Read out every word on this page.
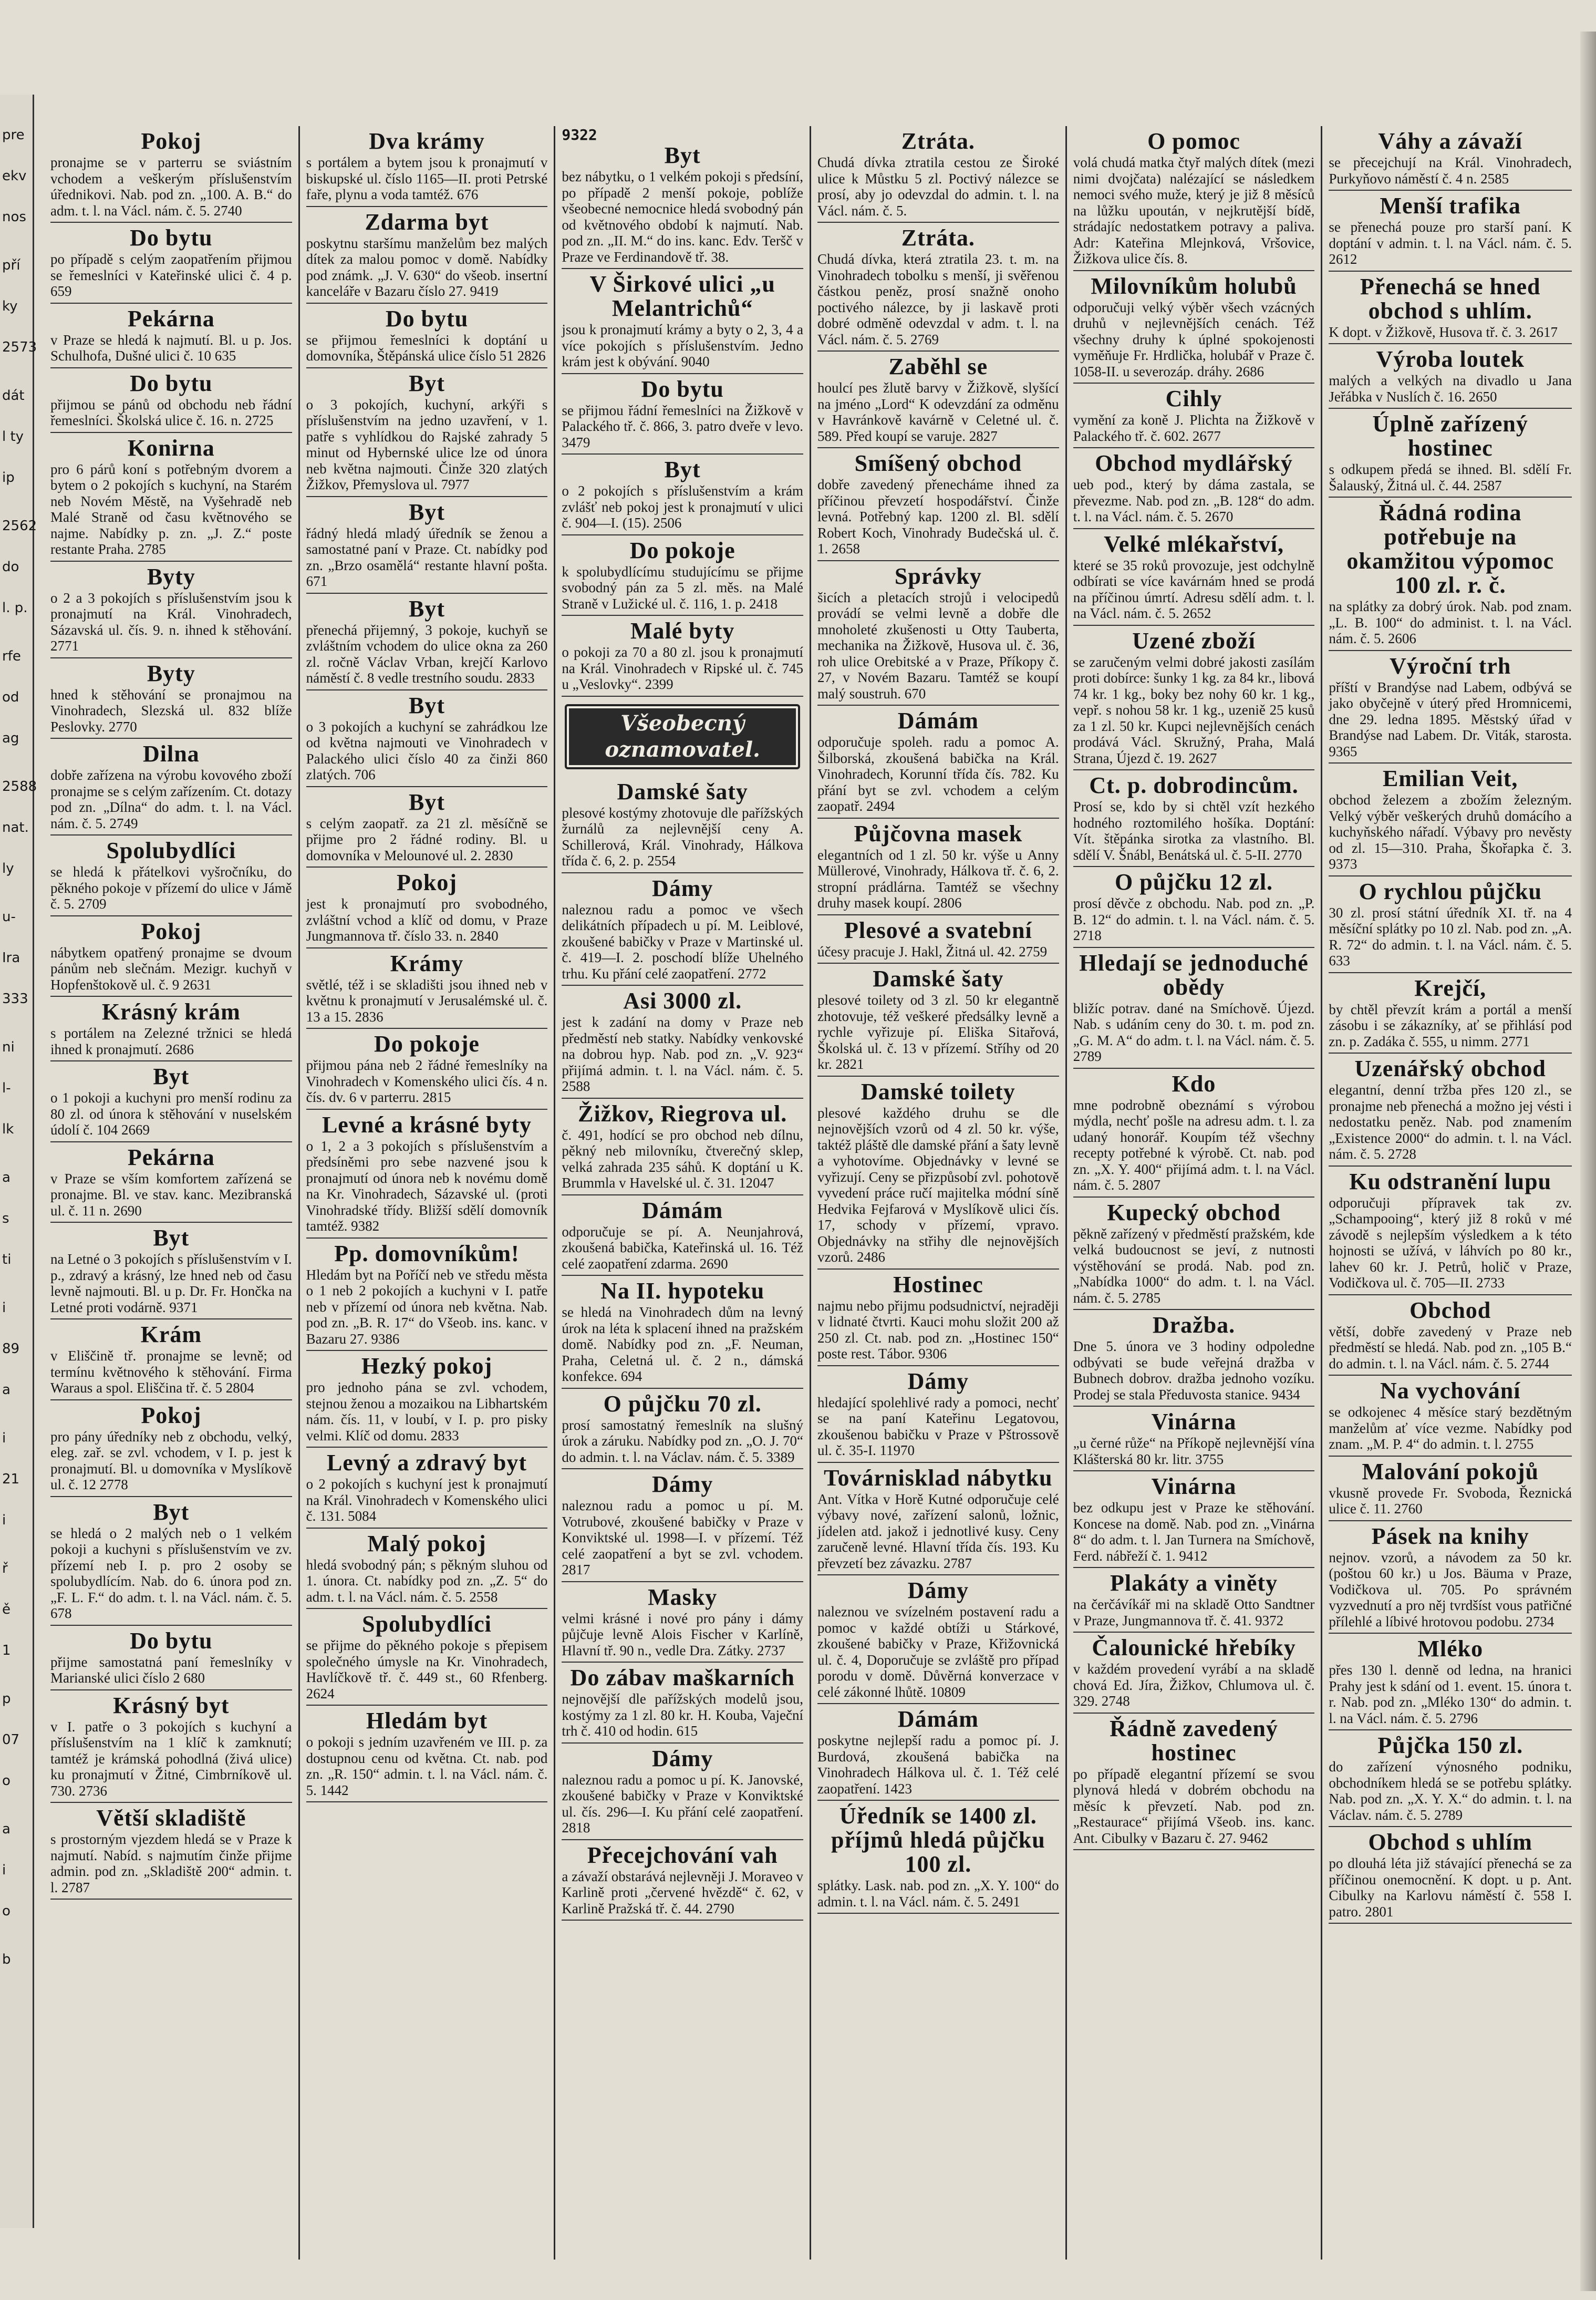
pre
ekv
nos
pří
ky
2573
dát
l ty
ip
2562
do
l. p.
rfe
od
ag
2588
nat.
ly
u-
Ira
333
ni
l-
lk
a
s
ti
i
89
a
i
21
i
ř
ě
1
p
07
o
a
i
o
b
Pokoj

pronajme se v parterru se sviástním vchodem a veškerým příslušenstvím úřednikovi. Nab. pod zn. „100. A. B.“ do adm. t. l. na Václ. nám. č. 5. 2740

Do bytu

po případě s celým zaopatřením přijmou se řemeslníci v Kateřinské ulici č. 4 p. 659

Pekárna

v Praze se hledá k najmutí. Bl. u p. Jos. Schulhofa, Dušné ulici č. 10 635

Do bytu

přijmou se pánů od obchodu neb řádní řemeslníci. Školská ulice č. 16. n. 2725

Konirna

pro 6 párů koní s potřebným dvorem a bytem o 2 pokojích s kuchyní, na Starém neb Novém Městě, na Vyšehradě neb Malé Straně od času květnového se najme. Nabídky p. zn. „J. Z.“ poste restante Praha. 2785

Byty

o 2 a 3 pokojích s příslušenstvím jsou k pronajmutí na Král. Vinohradech, Sázavská ul. čís. 9. n. ihned k stěhování. 2771

Byty

hned k stěhování se pronajmou na Vinohradech, Slezská ul. 832 blíže Peslovky. 2770

Dilna

dobře zařízena na výrobu kovového zboží pronajme se s celým zařízením. Ct. dotazy pod zn. „Dílna“ do adm. t. l. na Václ. nám. č. 5. 2749

Spolubydlíci

se hledá k přátelkovi vyšročníku, do pěkného pokoje v přízemí do ulice v Jámě č. 5. 2709

Pokoj

nábytkem opatřený pronajme se dvoum pánům neb slečnám. Mezigr. kuchyň v Hopfenštokově ul. č. 9 2631

Krásný krám

s portálem na Zelezné tržnici se hledá ihned k pronajmutí. 2686

Byt

o 1 pokoji a kuchyni pro menší rodinu za 80 zl. od února k stěhování v nuselském údolí č. 104 2669

Pekárna

v Praze se vším komfortem zařízená se pronajme. Bl. ve stav. kanc. Mezibranská ul. č. 11 n. 2690

Byt

na Letné o 3 pokojích s příslušenstvím v I. p., zdravý a krásný, lze hned neb od času levně najmouti. Bl. u p. Dr. Fr. Hončka na Letné proti vodárně. 9371

Krám

v Eliščině tř. pronajme se levně; od termínu květnového k stěhování. Firma Waraus a spol. Eliščina tř. č. 5 2804

Pokoj

pro pány úředníky neb z obchodu, velký, eleg. zař. se zvl. vchodem, v I. p. jest k pronajmutí. Bl. u domovníka v Myslíkově ul. č. 12 2778

Byt

se hledá o 2 malých neb o 1 velkém pokoji a kuchyni s příslušenstvím ve zv. přízemí neb I. p. pro 2 osoby se spolubydlícím. Nab. do 6. února pod zn. „F. L. F.“ do adm. t. l. na Václ. nám. č. 5. 678

Do bytu

přijme samostatná paní řemeslníky v Marianské ulici číslo 2 680

Krásný byt

v I. patře o 3 pokojích s kuchyní a příslušenstvím na 1 klíč k zamknutí; tamtéž je krámská pohodlná (živá ulice) ku pronajmutí v Žitné, Cimbrníkově ul. 730. 2736

Větší skladiště

s prostorným vjezdem hledá se v Praze k najmutí. Nabíd. s najmutím činže přijme admin. pod zn. „Skladiště 200“ admin. t. l. 2787

Dva krámy

s portálem a bytem jsou k pronajmutí v biskupské ul. číslo 1165—II. proti Petrské faře, plynu a voda tamtéž. 676

Zdarma byt

poskytnu staršímu manželům bez malých dítek za malou pomoc v domě. Nabídky pod známk. „J. V. 630“ do všeob. insertní kanceláře v Bazaru číslo 27. 9419

Do bytu

se přijmou řemeslníci k doptání u domovníka, Štěpánská ulice číslo 51 2826

Byt

o 3 pokojích, kuchyní, arkýři s příslušenstvím na jedno uzavření, v 1. patře s vyhlídkou do Rajské zahrady 5 minut od Hybernské ulice lze od února neb května najmouti. Činže 320 zlatých Žižkov, Přemyslova ul. 7977

Byt

řádný hledá mladý úředník se ženou a samostatné paní v Praze. Ct. nabídky pod zn. „Brzo osamělá“ restante hlavní pošta. 671

Byt

přenechá přijemný, 3 pokoje, kuchyň se zvláštním vchodem do ulice okna za 260 zl. ročně Václav Vrban, krejčí Karlovo náměstí č. 8 vedle trestního soudu. 2833

Byt

o 3 pokojích a kuchyní se zahrádkou lze od května najmouti ve Vinohradech v Palackého ulici číslo 40 za činži 860 zlatých. 706

Byt

s celým zaopatř. za 21 zl. měsíčně se přijme pro 2 řádné rodiny. Bl. u domovníka v Melounové ul. 2. 2830

Pokoj

jest k pronajmutí pro svobodného, zvláštní vchod a klíč od domu, v Praze Jungmannova tř. číslo 33. n. 2840

Krámy

světlé, též i se skladišti jsou ihned neb v květnu k pronajmutí v Jerusalémské ul. č. 13 a 15. 2836

Do pokoje

přijmou pána neb 2 řádné řemeslníky na Vinohradech v Komenského ulici čís. 4 n. čís. dv. 6 v parterru. 2815

Levné a krásné byty

o 1, 2 a 3 pokojích s příslušenstvím a předsíněmi pro sebe nazvené jsou k pronajmutí od února neb k novému domě na Kr. Vinohradech, Sázavské ul. (proti Vinohradské třídy. Bližší sdělí domovník tamtéž. 9382

Pp. domovníkům!

Hledám byt na Poříčí neb ve středu města o 1 neb 2 pokojích a kuchyni v I. patře neb v přízemí od února neb května. Nab. pod zn. „B. R. 17“ do Všeob. ins. kanc. v Bazaru 27. 9386

Hezký pokoj

pro jednoho pána se zvl. vchodem, stejnou ženou a mozaikou na Libhartském nám. čís. 11, v loubí, v I. p. pro pisky velmi. Klíč od domu. 2833

Levný a zdravý byt

o 2 pokojích s kuchyní jest k pronajmutí na Král. Vinohradech v Komenského ulici č. 131. 5084

Malý pokoj

hledá svobodný pán; s pěkným sluhou od 1. února. Ct. nabídky pod zn. „Z. 5“ do adm. t. l. na Václ. nám. č. 5. 2558

Spolubydlíci

se přijme do pěkného pokoje s přepisem společného úmysle na Kr. Vinohradech, Havlíčkově tř. č. 449 st., 60 Rfenberg. 2624

Hledám byt

o pokoji s jedním uzavřeném ve III. p. za dostupnou cenu od května. Ct. nab. pod zn. „R. 150“ admin. t. l. na Václ. nám. č. 5. 1442

9322
Byt

bez nábytku, o 1 velkém pokoji s předsíní, po případě 2 menší pokoje, poblíže všeobecné nemocnice hledá svobodný pán od květnového období k najmutí. Nab. pod zn. „II. M.“ do ins. kanc. Edv. Teršč v Praze ve Ferdinandově tř. 38.

V Širkové ulici „u Melantrichů“

jsou k pronajmutí krámy a byty o 2, 3, 4 a více pokojích s příslušenstvím. Jedno krám jest k obývání. 9040

Do bytu

se přijmou řádní řemeslníci na Žižkově v Palackého tř. č. 866, 3. patro dveře v levo. 3479

Byt

o 2 pokojích s příslušenstvím a krám zvlášť neb pokoj jest k pronajmutí v ulici č. 904—I. (15). 2506

Do pokoje

k spolubydlícímu studujícímu se přijme svobodný pán za 5 zl. měs. na Malé Straně v Lužické ul. č. 116, 1. p. 2418

Malé byty

o pokoji za 70 a 80 zl. jsou k pronajmutí na Král. Vinohradech v Ripské ul. č. 745 u „Veslovky“. 2399

Všeobecný
oznamovatel.
Damské šaty

plesové kostýmy zhotovuje dle pařížských žurnálů za nejlevnější ceny A. Schillerová, Král. Vinohrady, Hálkova třída č. 6, 2. p. 2554

Dámy

naleznou radu a pomoc ve všech delikátních případech u pí. M. Leiblové, zkoušené babičky v Praze v Martinské ul. č. 419—I. 2. poschodí blíže Uhelného trhu. Ku přání celé zaopatření. 2772

Asi 3000 zl.

jest k zadání na domy v Praze neb předměstí neb statky. Nabídky venkovské na dobrou hyp. Nab. pod zn. „V. 923“ přijímá admin. t. l. na Václ. nám. č. 5. 2588

Žižkov, Riegrova ul.

č. 491, hodící se pro obchod neb dílnu, pěkný neb milovníku, čtverečný sklep, velká zahrada 235 sáhů. K doptání u K. Brummla v Havelské ul. č. 31. 12047

Dámám

odporučuje se pí. A. Neunjahrová, zkoušená babička, Kateřinská ul. 16. Též celé zaopatření zdarma. 2690

Na II. hypoteku

se hledá na Vinohradech dům na levný úrok na léta k splacení ihned na pražském domě. Nabídky pod zn. „F. Neuman, Praha, Celetná ul. č. 2 n., dámská konfekce. 694

O půjčku 70 zl.

prosí samostatný řemeslník na slušný úrok a záruku. Nabídky pod zn. „O. J. 70“ do admin. t. l. na Václav. nám. č. 5. 3389

Dámy

naleznou radu a pomoc u pí. M. Votrubové, zkoušené babičky v Praze v Konviktské ul. 1998—I. v přízemí. Též celé zaopatření a byt se zvl. vchodem. 2817

Masky

velmi krásné i nové pro pány i dámy půjčuje levně Alois Fischer v Karlíně, Hlavní tř. 90 n., vedle Dra. Zátky. 2737

Do zábav maškarních

nejnovější dle pařížských modelů jsou, kostýmy za 1 zl. 80 kr. H. Kouba, Vaječní trh č. 410 od hodin. 615

Dámy

naleznou radu a pomoc u pí. K. Janovské, zkoušené babičky v Praze v Konviktské ul. čís. 296—I. Ku přání celé zaopatření. 2818

Přecejchování vah

a závaží obstarává nejlevněji J. Moraveo v Karlině proti „červené hvězdě“ č. 62, v Karlině Pražská tř. č. 44. 2790

Ztráta.

Chudá dívka ztratila cestou ze Široké ulice k Můstku 5 zl. Poctivý nálezce se prosí, aby jo odevzdal do admin. t. l. na Václ. nám. č. 5.

Ztráta.

Chudá dívka, která ztratila 23. t. m. na Vinohradech tobolku s menší, ji svěřenou částkou peněz, prosí snažně onoho poctivého nálezce, by ji laskavě proti dobré odměně odevzdal v adm. t. l. na Václ. nám. č. 5. 2769

Zaběhl se

houlcí pes žlutě barvy v Žižkově, slyšící na jméno „Lord“ K odevzdání za odměnu v Havránkově kavárně v Celetné ul. č. 589. Před koupí se varuje. 2827

Smíšený obchod

dobře zavedený přenecháme ihned za příčinou převzetí hospodářství. Činže levná. Potřebný kap. 1200 zl. Bl. sdělí Robert Koch, Vinohrady Budečská ul. č. 1. 2658

Správky

šicích a pletacích strojů i velocipedů provádí se velmi levně a dobře dle mnoholeté zkušenosti u Otty Tauberta, mechanika na Žižkově, Husova ul. č. 36, roh ulice Orebitské a v Praze, Příkopy č. 27, v Novém Bazaru. Tamtéž se koupí malý soustruh. 670

Dámám

odporučuje spoleh. radu a pomoc A. Šilborská, zkoušená babička na Král. Vinohradech, Korunní třída čís. 782. Ku přání byt se zvl. vchodem a celým zaopatř. 2494

Půjčovna masek

elegantních od 1 zl. 50 kr. výše u Anny Müllerové, Vinohrady, Hálkova tř. č. 6, 2. stropní prádlárna. Tamtéž se všechny druhy masek koupí. 2806

Plesové a svatební

účesy pracuje J. Hakl, Žitná ul. 42. 2759

Damské šaty

plesové toilety od 3 zl. 50 kr elegantně zhotovuje, též veškeré předsálky levně a rychle vyřizuje pí. Eliška Sitařová, Školská ul. č. 13 v přízemí. Stříhy od 20 kr. 2821

Damské toilety

plesové každého druhu se dle nejnovějších vzorů od 4 zl. 50 kr. výše, taktéž pláště dle damské přání a šaty levně a vyhotovíme. Objednávky v levné se vyřizují. Ceny se přizpůsobí zvl. pohotově vyvedení práce ručí majitelka módní síně Hedvika Fejfarová v Myslíkově ulici čís. 17, schody v přízemí, vpravo. Objednávky na střihy dle nejnovějších vzorů. 2486

Hostinec

najmu nebo přijmu podsudnictví, nejraději v lidnaté čtvrti. Kauci mohu složit 200 až 250 zl. Ct. nab. pod zn. „Hostinec 150“ poste rest. Tábor. 9306

Dámy

hledající spolehlivé rady a pomoci, nechť se na paní Kateřinu Legatovou, zkoušenou babičku v Praze v Pštrossově ul. č. 35-I. 11970

Továrnisklad nábytku

Ant. Vítka v Horě Kutné odporučuje celé výbavy nové, zařízení salonů, ložnic, jídelen atd. jakož i jednotlivé kusy. Ceny zaručeně levné. Hlavní třída čís. 193. Ku převzetí bez závazku. 2787

Dámy

naleznou ve svízelném postavení radu a pomoc v každé obtíži u Stárkové, zkoušené babičky v Praze, Křižovnická ul. č. 4, Doporučuje se zvláště pro případ porodu v domě. Důvěrná konverzace v celé zákonné lhůtě. 10809

Dámám

poskytne nejlepší radu a pomoc pí. J. Burdová, zkoušená babička na Vinohradech Hálkova ul. č. 1. Též celé zaopatření. 1423

Úředník se 1400 zl. příjmů hledá půjčku 100 zl.

splátky. Lask. nab. pod zn. „X. Y. 100“ do admin. t. l. na Václ. nám. č. 5. 2491

O pomoc

volá chudá matka čtyř malých dítek (mezi nimi dvojčata) nalézající se následkem nemoci svého muže, který je již 8 měsíců na lůžku upoután, v nejkrutější bídě, strádajíc nedostatkem potravy a paliva. Adr: Kateřina Mlejnková, Vršovice, Žižkova ulice čís. 8.

Milovníkům holubů

odporučuji velký výběr všech vzácných druhů v nejlevnějších cenách. Též všechny druhy k úplné spokojenosti vyměňuje Fr. Hrdlička, holubář v Praze č. 1058-II. u severozáp. dráhy. 2686

Cihly

vymění za koně J. Plichta na Žižkově v Palackého tř. č. 602. 2677

Obchod mydlářský

ueb pod., který by dáma zastala, se převezme. Nab. pod zn. „B. 128“ do adm. t. l. na Václ. nám. č. 5. 2670

Velké mlékařství,

které se 35 roků provozuje, jest odchylně odbírati se více kavárnám hned se prodá na příčinou úmrtí. Adresu sdělí adm. t. l. na Václ. nám. č. 5. 2652

Uzené zboží

se zaručeným velmi dobré jakosti zasílám proti dobírce: šunky 1 kg. za 84 kr., libová 74 kr. 1 kg., boky bez nohy 60 kr. 1 kg., vepř. s nohou 58 kr. 1 kg., uzeniě 25 kusů za 1 zl. 50 kr. Kupci nejlevnějších cenách prodává Václ. Skružný, Praha, Malá Strana, Újezd č. 19. 2627

Ct. p. dobrodincům.

Prosí se, kdo by si chtěl vzít hezkého hodného roztomilého hošíka. Doptání: Vít. štěpánka sirotka za vlastního. Bl. sdělí V. Šnábl, Benátská ul. č. 5-II. 2770

O půjčku 12 zl.

prosí děvče z obchodu. Nab. pod zn. „P. B. 12“ do admin. t. l. na Václ. nám. č. 5. 2718

Hledají se jednoduché obědy

bližíc potrav. dané na Smíchově. Újezd. Nab. s udáním ceny do 30. t. m. pod zn. „G. M. A“ do adm. t. l. na Václ. nám. č. 5. 2789

Kdo

mne podrobně obeznámí s výrobou mýdla, nechť pošle na adresu adm. t. l. za udaný honorář. Koupím též všechny recepty potřebné k výrobě. Ct. nab. pod zn. „X. Y. 400“ přijímá adm. t. l. na Václ. nám. č. 5. 2807

Kupecký obchod

pěkně zařízený v předměstí pražském, kde velká budoucnost se jeví, z nutnosti výstěhování se prodá. Nab. pod zn. „Nabídka 1000“ do adm. t. l. na Václ. nám. č. 5. 2785

Dražba.

Dne 5. února ve 3 hodiny odpoledne odbývati se bude veřejná dražba v Bubnech dobrov. dražba jednoho vozíku. Prodej se stala Předuvosta stanice. 9434

Vinárna

„u černé růže“ na Příkopě nejlevnější vína Klášterská 80 kr. litr. 3755

Vinárna

bez odkupu jest v Praze ke stěhování. Koncese na domě. Nab. pod zn. „Vinárna 8“ do adm. t. l. Jan Turnera na Smíchově, Ferd. nábřeží č. 1. 9412

Plakáty a viněty

na čerčávíkář mi na skladě Otto Sandtner v Praze, Jungmannova tř. č. 41. 9372

Čalounické hřebíky

v každém provedení vyrábí a na skladě chová Ed. Jíra, Žižkov, Chlumova ul. č. 329. 2748

Řádně zavedený hostinec

po případě elegantní přízemí se svou plynová hledá v dobrém obchodu na měsíc k převzetí. Nab. pod zn. „Restaurace“ přijímá Všeob. ins. kanc. Ant. Cibulky v Bazaru č. 27. 9462

Váhy a závaží

se přecejchují na Král. Vinohradech, Purkyňovo náměstí č. 4 n. 2585

Menší trafika

se přenechá pouze pro starší paní. K doptání v admin. t. l. na Václ. nám. č. 5. 2612

Přenechá se hned obchod s uhlím.

K dopt. v Žižkově, Husova tř. č. 3. 2617

Výroba loutek

malých a velkých na divadlo u Jana Jeřábka v Nuslích č. 16. 2650

Úplně zařízený hostinec

s odkupem předá se ihned. Bl. sdělí Fr. Šalauský, Žitná ul. č. 44. 2587

Řádná rodina potřebuje na okamžitou výpomoc 100 zl. r. č.

na splátky za dobrý úrok. Nab. pod znam. „L. B. 100“ do administ. t. l. na Václ. nám. č. 5. 2606

Výroční trh

příští v Brandýse nad Labem, odbývá se jako obyčejně v úterý před Hromnicemi, dne 29. ledna 1895. Městský úřad v Brandýse nad Labem. Dr. Viták, starosta. 9365

Emilian Veit,

obchod železem a zbožím železným. Velký výběr veškerých druhů domácího a kuchyňského nářadí. Výbavy pro nevěsty od zl. 15—310. Praha, Škořapka č. 3. 9373

O rychlou půjčku

30 zl. prosí státní úředník XI. tř. na 4 měsíční splátky po 10 zl. Nab. pod zn. „A. R. 72“ do admin. t. l. na Václ. nám. č. 5. 633

Krejčí,

by chtěl převzít krám a portál a menší zásobu i se zákazníky, ať se přihlásí pod zn. p. Zadáka č. 555, u nimm. 2771

Uzenářský obchod

elegantní, denní tržba přes 120 zl., se pronajme neb přenechá a možno jej vésti i nedostatku peněz. Nab. pod znamením „Existence 2000“ do admin. t. l. na Václ. nám. č. 5. 2728

Ku odstranění lupu

odporučuji přípravek tak zv. „Schampooing“, který již 8 roků v mé závodě s nejlepším výsledkem a k této hojnosti se užívá, v láhvích po 80 kr., lahev 60 kr. J. Petrů, holič v Praze, Vodičkova ul. č. 705—II. 2733

Obchod

větší, dobře zavedený v Praze neb předměstí se hledá. Nab. pod zn. „105 B.“ do admin. t. l. na Václ. nám. č. 5. 2744

Na vychování

se odkojenec 4 měsíce starý bezdětným manželům ať více vezme. Nabídky pod znam. „M. P. 4“ do admin. t. l. 2755

Malování pokojů

vkusně provede Fr. Svoboda, Řeznická ulice č. 11. 2760

Pásek na knihy

nejnov. vzorů, a návodem za 50 kr. (poštou 60 kr.) u Jos. Bäuma v Praze, Vodičkova ul. 705. Po správném vyzvednutí a pro něj tvrdšíst vous patřičné přílehlé a líbivé hrotovou podobu. 2734

Mléko

přes 130 l. denně od ledna, na hranici Prahy jest k sdání od 1. event. 15. února t. r. Nab. pod zn. „Mléko 130“ do admin. t. l. na Václ. nám. č. 5. 2796

Půjčka 150 zl.

do zařízení výnosného podniku, obchodníkem hledá se se potřebu splátky. Nab. pod zn. „X. Y. X.“ do admin. t. l. na Václav. nám. č. 5. 2789

Obchod s uhlím

po dlouhá léta již stávající přenechá se za příčinou onemocnění. K dopt. u p. Ant. Cibulky na Karlovu náměstí č. 558 I. patro. 2801
